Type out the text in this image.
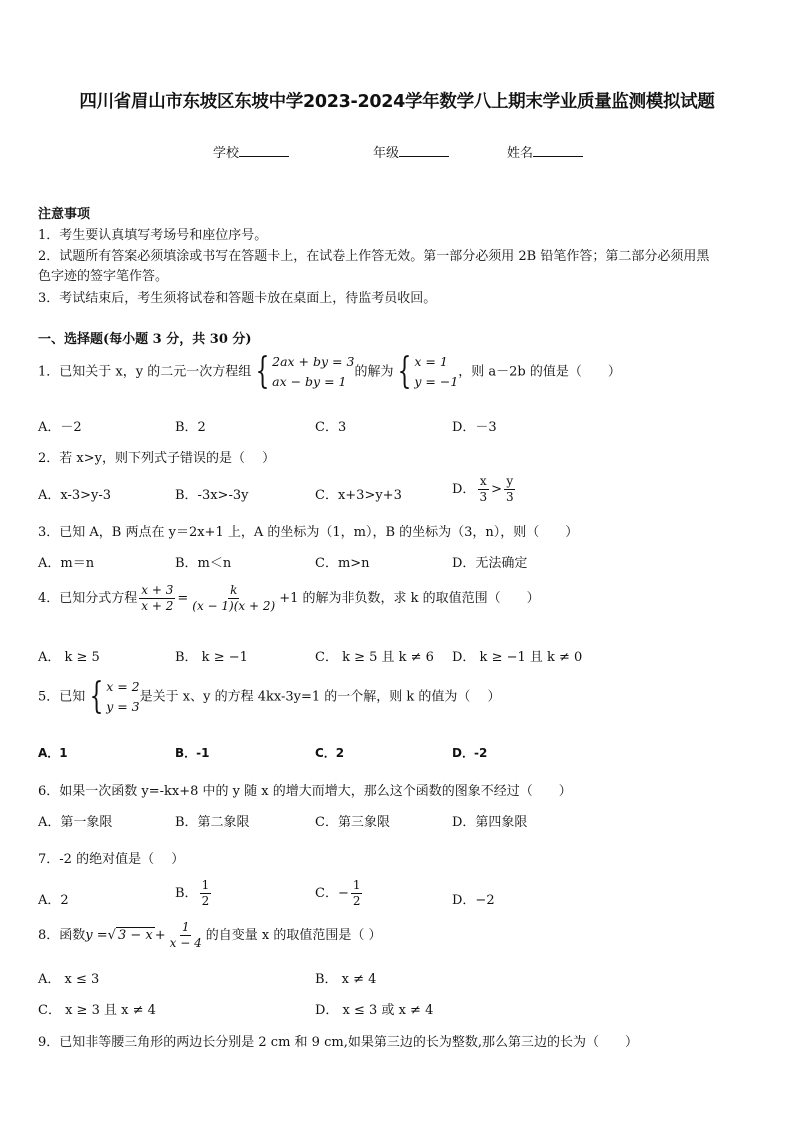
四川省眉山市东坡区东坡中学2023-2024学年数学八上期末学业质量监测模拟试题
学校	年级	姓名
注意事项
1．考生要认真填写考场号和座位序号。
2．试题所有答案必须填涂或书写在答题卡上，在试卷上作答无效。第一部分必须用 2B 铅笔作答；第二部分必须用黑
色字迹的签字笔作答。
3．考试结束后，考生须将试卷和答题卡放在桌面上，待监考员收回。
一、选择题(每小题 3 分，共 30 分)
1．已知关于 x，y 的二元一次方程组 { 2ax + by = 3
ax − by = 1
的解为 { x = 1
y = −1
，则 a－2b 的值是（　　）
A．－2	B．2	C．3	D．－3
2．若 x>y，则下列式子错误的是（　 ）
A．x-3>y-3	B．-3x>-3y	C．x+3>y+3	D． $\frac{x}{3} > \frac{y}{3}$
3．已知 A，B 两点在 y＝2x+1 上，A 的坐标为（1，m），B 的坐标为（3，n），则（　　）
A．m＝n	B．m＜n	C．m>n	D．无法确定
4．已知分式方程 $\frac{x + 3}{x + 2} = \frac{k}{(x - 1)(x + 2)} +1$ 的解为非负数，求 k 的取值范围（　　）
A． k ≥ 5	B． k ≥ −1	C． k ≥ 5 且 k ≠ 6 D． k ≥ −1 且 k ≠ 0
5．已知 { x = 2
y = 3
是关于 x、y 的方程 4kx-3y=1 的一个解，则 k 的值为（　 ）
A．1	B．-1	C．2	D．-2
6．如果一次函数 y=-kx+8 中的 y 随 x 的增大而增大，那么这个函数的图象不经过（　　）
A．第一象限	B．第二象限	C．第三象限	D．第四象限
7．-2 的绝对值是（　 ）
A．2	B． $\frac{1}{2}$	C．− $\frac{1}{2}$	D．−2
8．函数y =√ $3 - x + \frac{1}{x - 4}$ 的自变量 x 的取值范围是（ ）
A． x ≤ 3	B． x ≠ 4
C． x ≥ 3 且 x ≠ 4	D． x ≤ 3 或 x ≠ 4
9．已知非等腰三角形的两边长分别是 2 cm 和 9 cm,如果第三边的长为整数,那么第三边的长为（　　）
